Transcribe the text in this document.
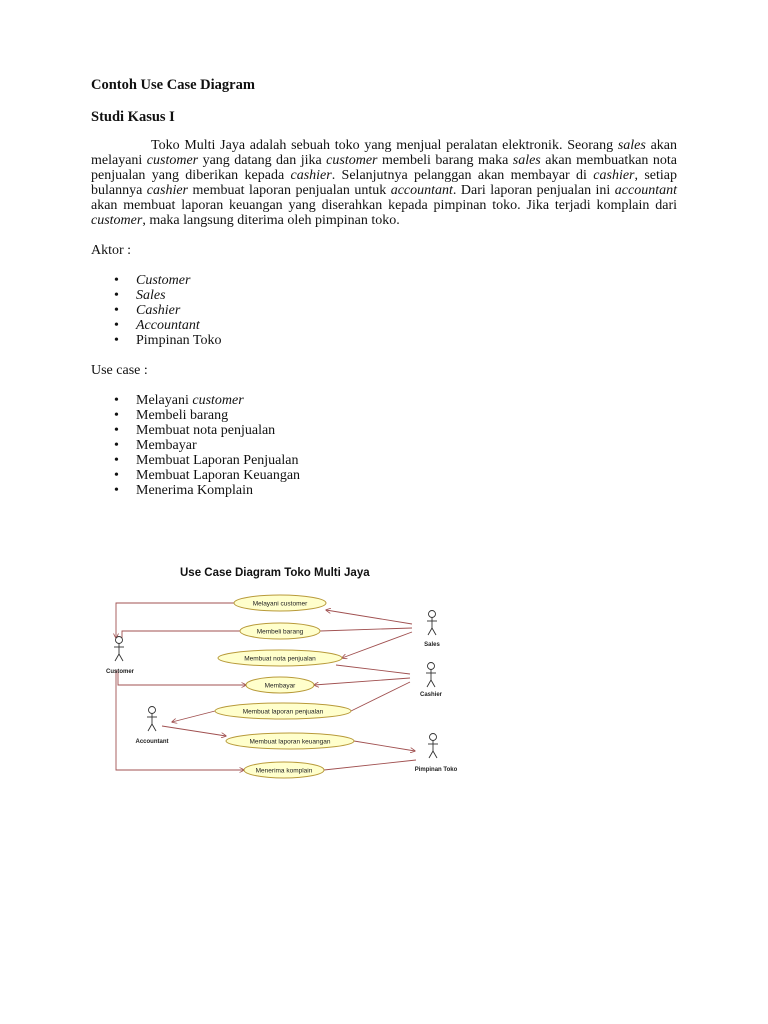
Contoh Use Case Diagram
Studi Kasus I

Toko Multi Jaya adalah sebuah toko yang menjual peralatan elektronik. Seorang sales akan melayani customer yang datang dan jika customer membeli barang maka sales akan membuatkan nota penjualan yang diberikan kepada cashier. Selanjutnya pelanggan akan membayar di cashier, setiap bulannya cashier membuat laporan penjualan untuk accountant. Dari laporan penjualan ini accountant akan membuat laporan keuangan yang diserahkan kepada pimpinan toko. Jika terjadi komplain dari customer, maka langsung diterima oleh pimpinan toko.

Aktor :

• Customer
• Sales
• Cashier
• Accountant
• Pimpinan Toko

Use case :

• Melayani customer
• Membeli barang
• Membuat nota penjualan
• Membayar
• Membuat Laporan Penjualan
• Membuat Laporan Keuangan
• Menerima Komplain
Use Case Diagram Toko Multi Jaya
Melayani customer
Membeli barang
Membuat nota penjualan
Membayar
Membuat laporan penjualan
Membuat laporan keuangan
Menerima komplain
Customer
Sales
Cashier
Accountant
Pimpinan Toko
